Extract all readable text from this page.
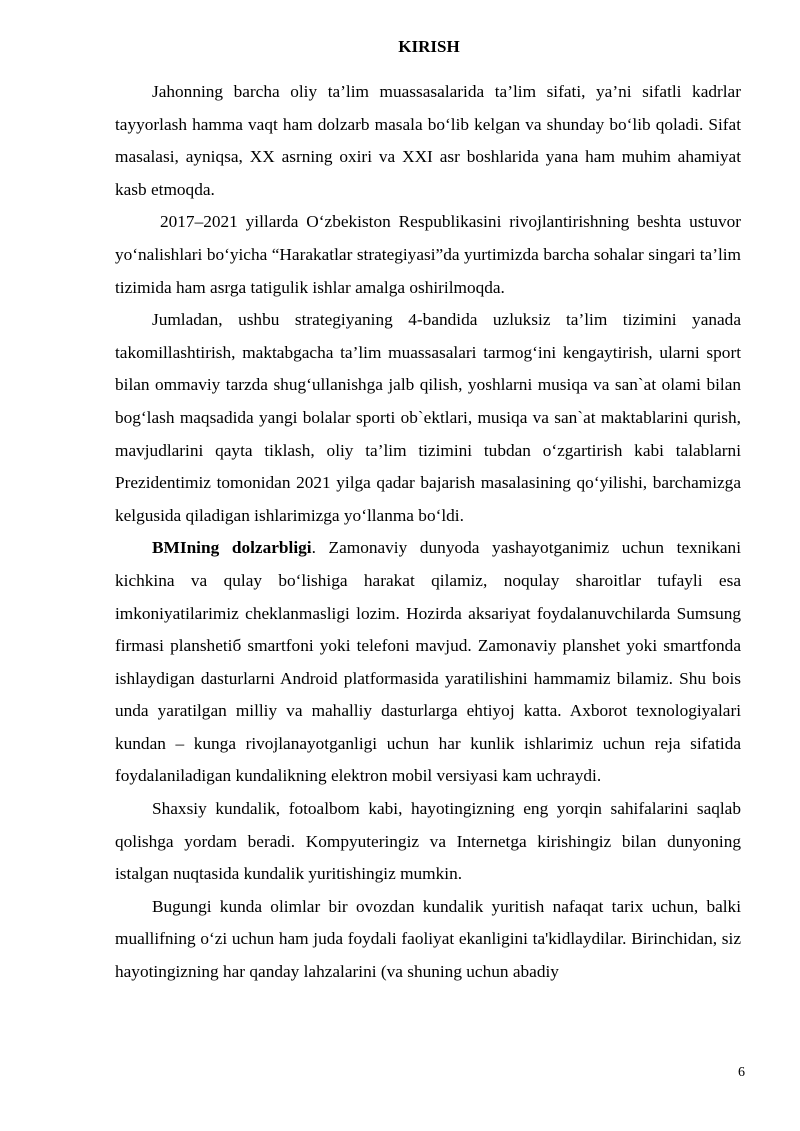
KIRISH

Jahonning barcha oliy ta’lim muassasalarida ta’lim sifati, ya’ni sifatli kadrlar tayyorlash hamma vaqt ham dolzarb masala bo‘lib kelgan va shunday bo‘lib qoladi. Sifat masalasi, ayniqsa, XX asrning oxiri va XXI asr boshlarida yana ham muhim ahamiyat kasb etmoqda.

2017–2021 yillarda O‘zbekiston Respublikasini rivojlantirishning beshta ustuvor yo‘nalishlari bo‘yicha “Harakatlar strategiyasi”da yurtimizda barcha sohalar singari ta’lim tizimida ham asrga tatigulik ishlar amalga oshirilmoqda.

Jumladan, ushbu strategiyaning 4-bandida uzluksiz ta’lim tizimini yanada takomillashtirish, maktabgacha ta’lim muassasalari tarmog‘ini kengaytirish, ularni sport bilan ommaviy tarzda shug‘ullanishga jalb qilish, yoshlarni musiqa va san`at olami bilan bog‘lash maqsadida yangi bolalar sporti ob`ektlari, musiqa va san`at maktablarini qurish, mavjudlarini qayta tiklash, oliy ta’lim tizimini tubdan o‘zgartirish kabi talablarni Prezidentimiz tomonidan 2021 yilga qadar bajarish masalasining qo‘yilishi, barchamizga kelgusida qiladigan ishlarimizga yo‘llanma bo‘ldi.

BMIning dolzarbligi. Zamonaviy dunyoda yashayotganimiz uchun texnikani kichkina va qulay bo‘lishiga harakat qilamiz, noqulay sharoitlar tufayli esa imkoniyatilarimiz cheklanmasligi lozim. Hozirda aksariyat foydalanuvchilarda Sumsung firmasi planshetiб smartfoni yoki telefoni mavjud. Zamonaviy planshet yoki smartfonda ishlaydigan dasturlarni Android platformasida yaratilishini hammamiz bilamiz. Shu bois unda yaratilgan milliy va mahalliy dasturlarga ehtiyoj katta. Axborot texnologiyalari kundan – kunga rivojlanayotganligi uchun har kunlik ishlarimiz uchun reja sifatida foydalaniladigan kundalikning elektron mobil versiyasi kam uchraydi.

Shaxsiy kundalik, fotoalbom kabi, hayotingizning eng yorqin sahifalarini saqlab qolishga yordam beradi. Kompyuteringiz va Internetga kirishingiz bilan dunyoning istalgan nuqtasida kundalik yuritishingiz mumkin.

Bugungi kunda olimlar bir ovozdan kundalik yuritish nafaqat tarix uchun, balki muallifning o‘zi uchun ham juda foydali faoliyat ekanligini ta'kidlaydilar. Birinchidan, siz hayotingizning har qanday lahzalarini (va shuning uchun abadiy

6
